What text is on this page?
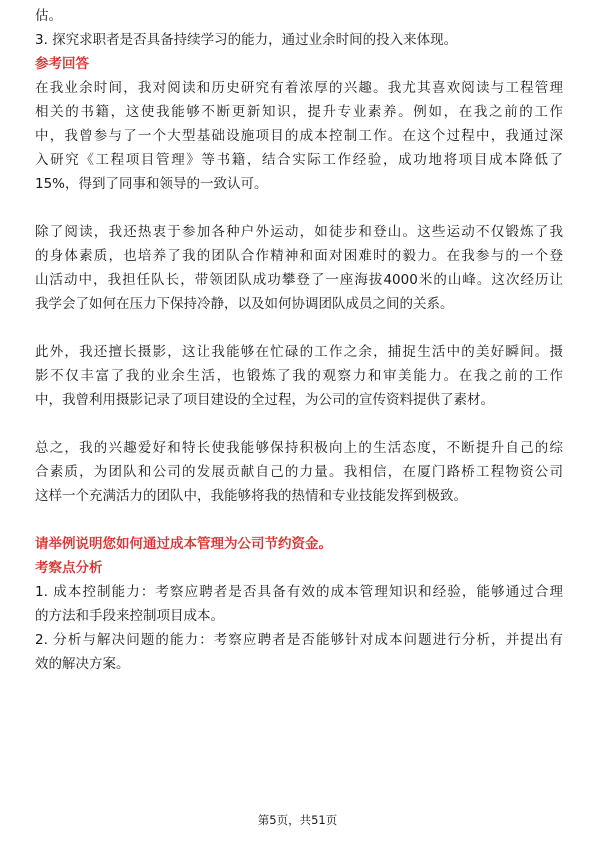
估。
3. 探究求职者是否具备持续学习的能力，通过业余时间的投入来体现。
参考回答
在我业余时间，我对阅读和历史研究有着浓厚的兴趣。我尤其喜欢阅读与工程管理
相关的书籍，这使我能够不断更新知识，提升专业素养。例如，在我之前的工作
中，我曾参与了一个大型基础设施项目的成本控制工作。在这个过程中，我通过深
入研究《工程项目管理》等书籍，结合实际工作经验，成功地将项目成本降低了
15%，得到了同事和领导的一致认可。
除了阅读，我还热衷于参加各种户外运动，如徒步和登山。这些运动不仅锻炼了我
的身体素质，也培养了我的团队合作精神和面对困难时的毅力。在我参与的一个登
山活动中，我担任队长，带领团队成功攀登了一座海拔4000米的山峰。这次经历让
我学会了如何在压力下保持冷静，以及如何协调团队成员之间的关系。
此外，我还擅长摄影，这让我能够在忙碌的工作之余，捕捉生活中的美好瞬间。摄
影不仅丰富了我的业余生活，也锻炼了我的观察力和审美能力。在我之前的工作
中，我曾利用摄影记录了项目建设的全过程，为公司的宣传资料提供了素材。
总之，我的兴趣爱好和特长使我能够保持积极向上的生活态度，不断提升自己的综
合素质，为团队和公司的发展贡献自己的力量。我相信，在厦门路桥工程物资公司
这样一个充满活力的团队中，我能够将我的热情和专业技能发挥到极致。
请举例说明您如何通过成本管理为公司节约资金。
考察点分析
1. 成本控制能力：考察应聘者是否具备有效的成本管理知识和经验，能够通过合理
的方法和手段来控制项目成本。
2. 分析与解决问题的能力：考察应聘者是否能够针对成本问题进行分析，并提出有
效的解决方案。
第5页，共51页
